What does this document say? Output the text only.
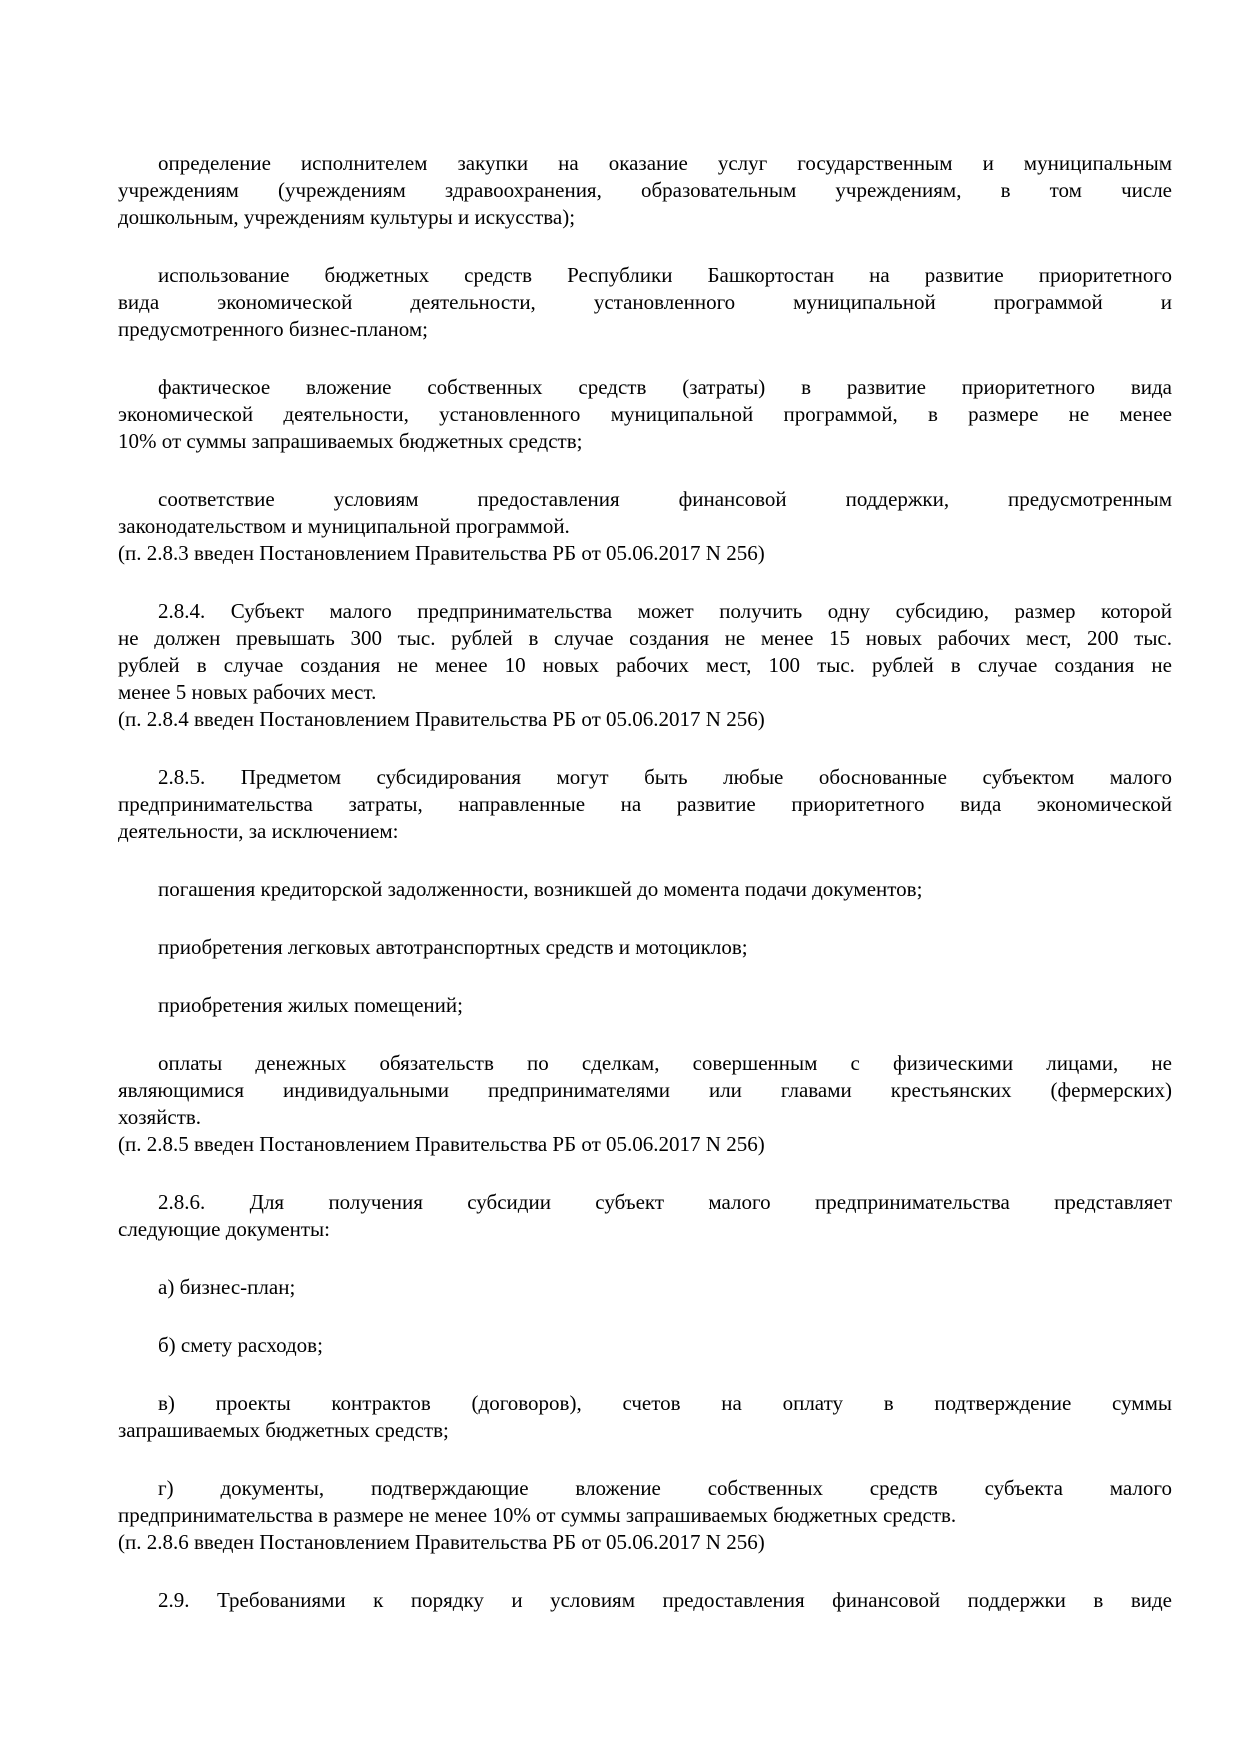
определение исполнителем закупки на оказание услуг государственным и муниципальным
учреждениям (учреждениям здравоохранения, образовательным учреждениям, в том числе
дошкольным, учреждениям культуры и искусства);
использование бюджетных средств Республики Башкортостан на развитие приоритетного
вида экономической деятельности, установленного муниципальной программой и
предусмотренного бизнес-планом;
фактическое вложение собственных средств (затраты) в развитие приоритетного вида
экономической деятельности, установленного муниципальной программой, в размере не менее
10% от суммы запрашиваемых бюджетных средств;
соответствие условиям предоставления финансовой поддержки, предусмотренным
законодательством и муниципальной программой.
(п. 2.8.3 введен Постановлением Правительства РБ от 05.06.2017 N 256)
2.8.4. Субъект малого предпринимательства может получить одну субсидию, размер которой
не должен превышать 300 тыс. рублей в случае создания не менее 15 новых рабочих мест, 200 тыс.
рублей в случае создания не менее 10 новых рабочих мест, 100 тыс. рублей в случае создания не
менее 5 новых рабочих мест.
(п. 2.8.4 введен Постановлением Правительства РБ от 05.06.2017 N 256)
2.8.5. Предметом субсидирования могут быть любые обоснованные субъектом малого
предпринимательства затраты, направленные на развитие приоритетного вида экономической
деятельности, за исключением:
погашения кредиторской задолженности, возникшей до момента подачи документов;
приобретения легковых автотранспортных средств и мотоциклов;
приобретения жилых помещений;
оплаты денежных обязательств по сделкам, совершенным с физическими лицами, не
являющимися индивидуальными предпринимателями или главами крестьянских (фермерских)
хозяйств.
(п. 2.8.5 введен Постановлением Правительства РБ от 05.06.2017 N 256)
2.8.6. Для получения субсидии субъект малого предпринимательства представляет
следующие документы:
а) бизнес-план;
б) смету расходов;
в) проекты контрактов (договоров), счетов на оплату в подтверждение суммы
запрашиваемых бюджетных средств;
г) документы, подтверждающие вложение собственных средств субъекта малого
предпринимательства в размере не менее 10% от суммы запрашиваемых бюджетных средств.
(п. 2.8.6 введен Постановлением Правительства РБ от 05.06.2017 N 256)
2.9. Требованиями к порядку и условиям предоставления финансовой поддержки в виде
